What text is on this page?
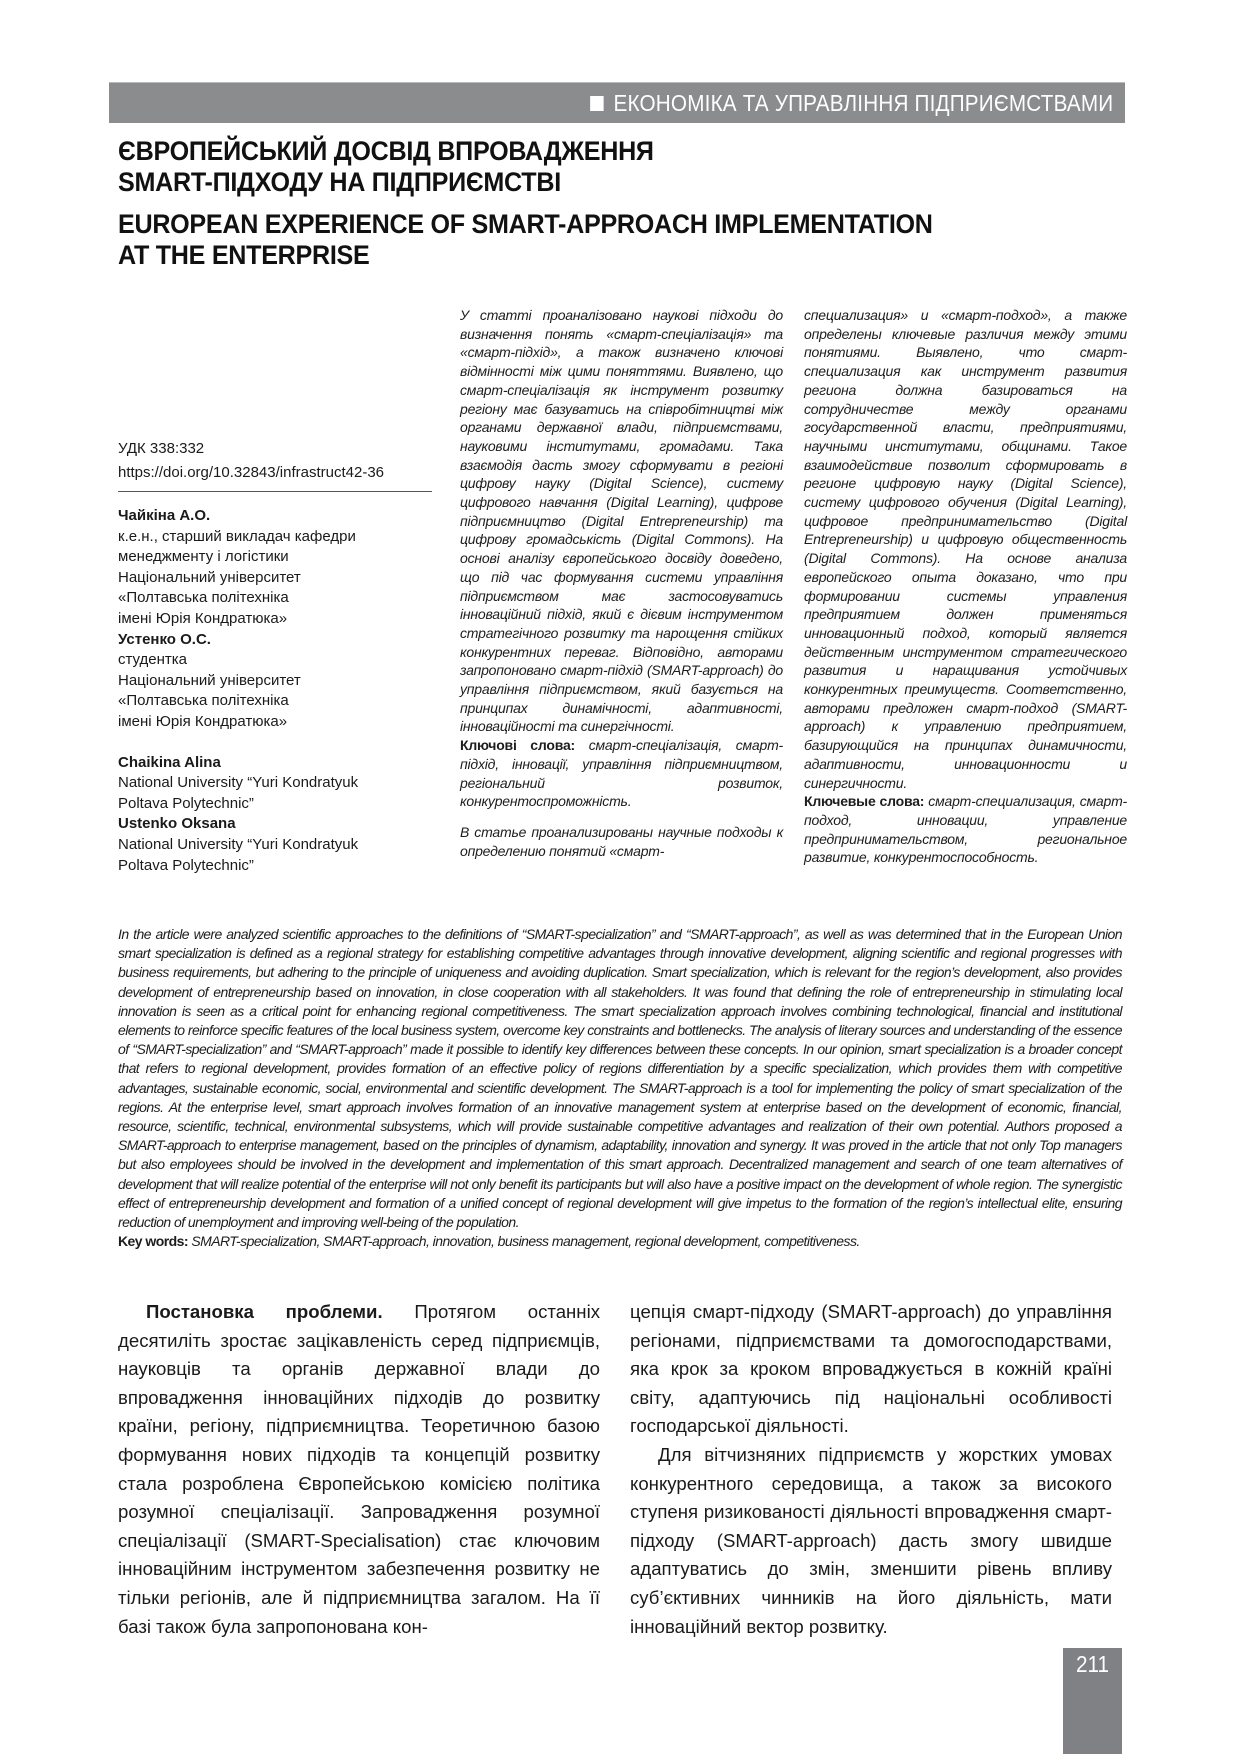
ЕКОНОМІКА ТА УПРАВЛІННЯ ПІДПРИЄМСТВАМИ
ЄВРОПЕЙСЬКИЙ ДОСВІД ВПРОВАДЖЕННЯ
SMART-ПІДХОДУ НА ПІДПРИЄМСТВІ
EUROPEAN EXPERIENCE OF SMART-APPROACH IMPLEMENTATION
AT THE ENTERPRISE
УДК 338:332
https://doi.org/10.32843/infrastruct42-36
Чайкіна А.О.
к.е.н., старший викладач кафедри
менеджменту і логістики
Національний університет
«Полтавська політехніка
імені Юрія Кондратюка»
Устенко О.С.
студентка
Національний університет
«Полтавська політехніка
імені Юрія Кондратюка»
Chaikina Alina
National University “Yuri Kondratyuk
Poltava Polytechnic”
Ustenko Oksana
National University “Yuri Kondratyuk
Poltava Polytechnic”

У статті проаналізовано наукові підходи до визначення понять «смарт-спеціалізація» та «смарт-підхід», а також визначено ключові відмінності між цими поняттями. Виявлено, що смарт-спеціалізація як інструмент розвитку регіону має базуватись на співробітництві між органами державної влади, підприємствами, науковими інститутами, громадами. Така взаємодія дасть змогу сформувати в регіоні цифрову науку (Digital Science), систему цифрового навчання (Digital Learning), цифрове підприємництво (Digital Entrepreneurship) та цифрову громадськість (Digital Commons). На основі аналізу європейського досвіду доведено, що під час формування системи управління підприємством має застосовуватись інноваційний підхід, який є дієвим інструментом стратегічного розвитку та нарощення стійких конкурентних переваг. Відповідно, авторами запропоновано смарт-підхід (SMART-approach) до управління підприємством, який базується на принципах динамічності, адаптивності, інноваційності та синергічності.

Ключові слова: смарт-спеціалізація, смарт-підхід, інновації, управління підприємництвом, регіональний розвиток, конкурентоспроможність.

В статье проанализированы научные подходы к определению понятий «смарт-

специализация» и «смарт-подход», а также определены ключевые различия между этими понятиями. Выявлено, что смарт-специализация как инструмент развития региона должна базироваться на сотрудничестве между органами государственной власти, предприятиями, научными институтами, общинами. Такое взаимодействие позволит сформировать в регионе цифровую науку (Digital Science), систему цифрового обучения (Digital Learning), цифровое предпринимательство (Digital Entrepreneurship) и цифровую общественность (Digital Commons). На основе анализа европейского опыта доказано, что при формировании системы управления предприятием должен применяться инновационный подход, который является действенным инструментом стратегического развития и наращивания устойчивых конкурентных преимуществ. Соответственно, авторами предложен смарт-подход (SMART-approach) к управлению предприятием, базирующийся на принципах динамичности, адаптивности, инновационности и синергичности.

Ключевые слова: смарт-специализация, смарт-подход, инновации, управление предпринимательством, региональное развитие, конкурентоспособность.

In the article were analyzed scientific approaches to the definitions of “SMART-specialization” and “SMART-approach”, as well as was determined that in the European Union smart specialization is defined as a regional strategy for establishing competitive advantages through innovative development, aligning scientific and regional progresses with business requirements, but adhering to the principle of uniqueness and avoiding duplication. Smart specialization, which is relevant for the region’s development, also provides development of entrepreneurship based on innovation, in close cooperation with all stakeholders. It was found that defining the role of entrepreneurship in stimulating local innovation is seen as a critical point for enhancing regional competitiveness. The smart specialization approach involves combining technological, financial and institutional elements to reinforce specific features of the local business system, overcome key constraints and bottlenecks. The analysis of literary sources and understanding of the essence of “SMART-specialization” and “SMART-approach” made it possible to identify key differences between these concepts. In our opinion, smart specialization is a broader concept that refers to regional development, provides formation of an effective policy of regions differentiation by a specific specialization, which provides them with competitive advantages, sustainable economic, social, environmental and scientific development. The SMART-approach is a tool for implementing the policy of smart specialization of the regions. At the enterprise level, smart approach involves formation of an innovative management system at enterprise based on the development of economic, financial, resource, scientific, technical, environmental subsystems, which will provide sustainable competitive advantages and realization of their own potential. Authors proposed a SMART-approach to enterprise management, based on the principles of dynamism, adaptability, innovation and synergy. It was proved in the article that not only Top managers but also employees should be involved in the development and implementation of this smart approach. Decentralized management and search of one team alternatives of development that will realize potential of the enterprise will not only benefit its participants but will also have a positive impact on the development of whole region. The synergistic effect of entrepreneurship development and formation of a unified concept of regional development will give impetus to the formation of the region’s intellectual elite, ensuring reduction of unemployment and improving well-being of the population.

Key words: SMART-specialization, SMART-approach, innovation, business management, regional development, competitiveness.

Постановка проблеми. Протягом останніх десятиліть зростає зацікавленість серед підприємців, науковців та органів державної влади до впровадження інноваційних підходів до розвитку країни, регіону, підприємництва. Теоретичною базою формування нових підходів та концепцій розвитку стала розроблена Європейською комісією політика розумної спеціалізації. Запровадження розумної спеціалізації (SMART-Specialisation) стає ключовим інноваційним інструментом забезпечення розвитку не тільки регіонів, але й підприємництва загалом. На її базі також була запропонована кон-

цепція смарт-підходу (SMART-approach) до управління регіонами, підприємствами та домогосподарствами, яка крок за кроком впроваджується в кожній країні світу, адаптуючись під національні особливості господарської діяльності.

Для вітчизняних підприємств у жорстких умовах конкурентного середовища, а також за високого ступеня ризикованості діяльності впровадження смарт-підходу (SMART-approach) дасть змогу швидше адаптуватись до змін, зменшити рівень впливу суб’єктивних чинників на його діяльність, мати інноваційний вектор розвитку.

211
